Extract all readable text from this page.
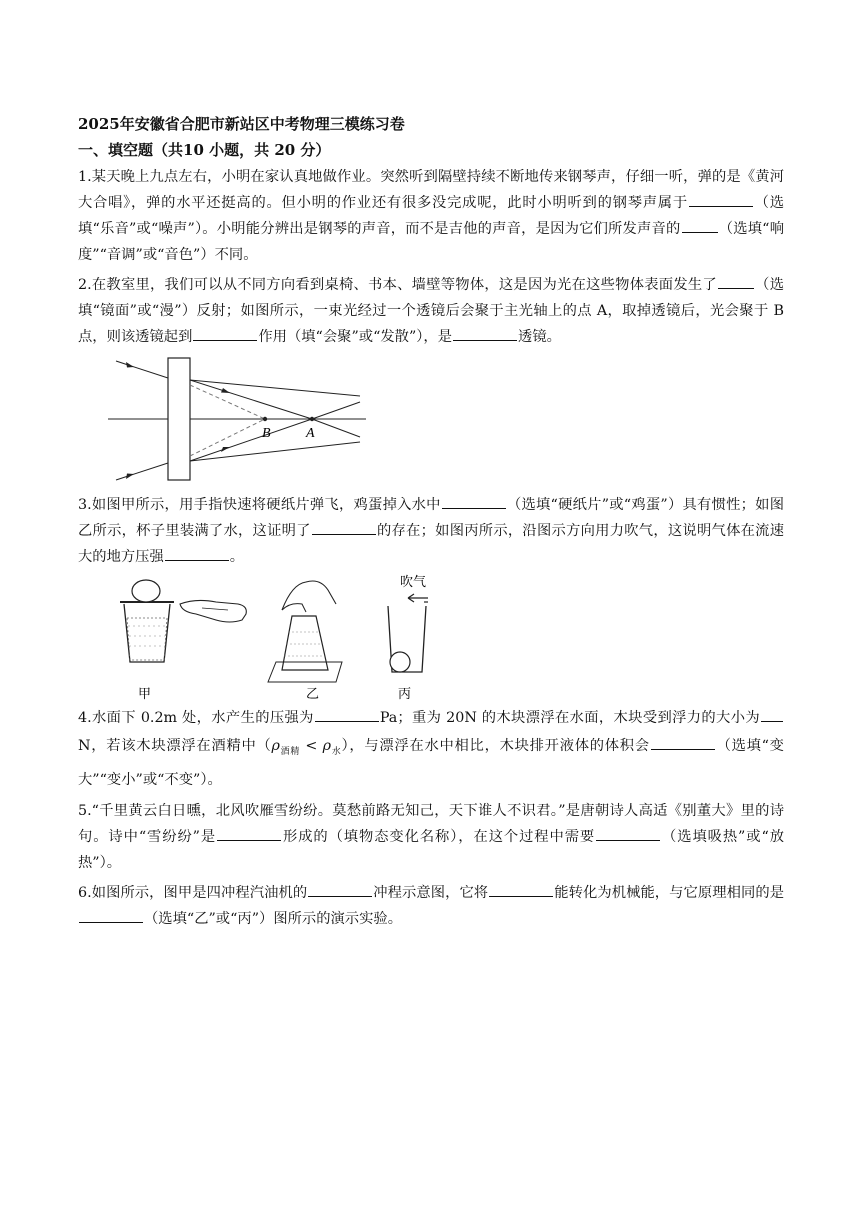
2025年安徽省合肥市新站区中考物理三模练习卷
一、填空题（共10 小题，共 20 分）

1.某天晚上九点左右，小明在家认真地做作业。突然听到隔壁持续不断地传来钢琴声，仔细一听，弹的是《黄河大合唱》，弹的水平还挺高的。但小明的作业还有很多没完成呢，此时小明听到的钢琴声属于	（选填“乐音”或“噪声”）。小明能分辨出是钢琴的声音，而不是吉他的声音，是因为它们所发声音的	（选填“响度”“音调”或“音色”）不同。

2.在教室里，我们可以从不同方向看到桌椅、书本、墙壁等物体，这是因为光在这些物体表面发生了	（选填“镜面”或“漫”）反射；如图所示，一束光经过一个透镜后会聚于主光轴上的点 A，取掉透镜后，光会聚于 B 点，则该透镜起到	作用（填“会聚”或“发散”），是	透镜。

B	A

3.如图甲所示，用手指快速将硬纸片弹飞，鸡蛋掉入水中	（选填“硬纸片”或“鸡蛋”）具有惯性；如图乙所示，杯子里装满了水，这证明了	的存在；如图丙所示，沿图示方向用力吹气，这说明气体在流速大的地方压强	。

甲	乙
吹气
丙

4.水面下 0.2m 处，水产生的压强为	Pa；重为 20N 的木块漂浮在水面，木块受到浮力的大小为N，若该木块漂浮在酒精中$(\rho_{酒精} < \rho_水)$，与漂浮在水中相比，木块排开液体的体积会	（选填“变大”“变小”或“不变”）。

5.“千里黄云白日曛，北风吹雁雪纷纷。莫愁前路无知己，天下谁人不识君。”是唐朝诗人高适《别董大》里的诗句。诗中“雪纷纷”是	形成的（填物态变化名称），在这个过程中需要	（选填吸热”或“放热”）。

6.如图所示，图甲是四冲程汽油机的	冲程示意图，它将	能转化为机械能，与它原理相同的是（选填“乙”或“丙”）图所示的演示实验。
